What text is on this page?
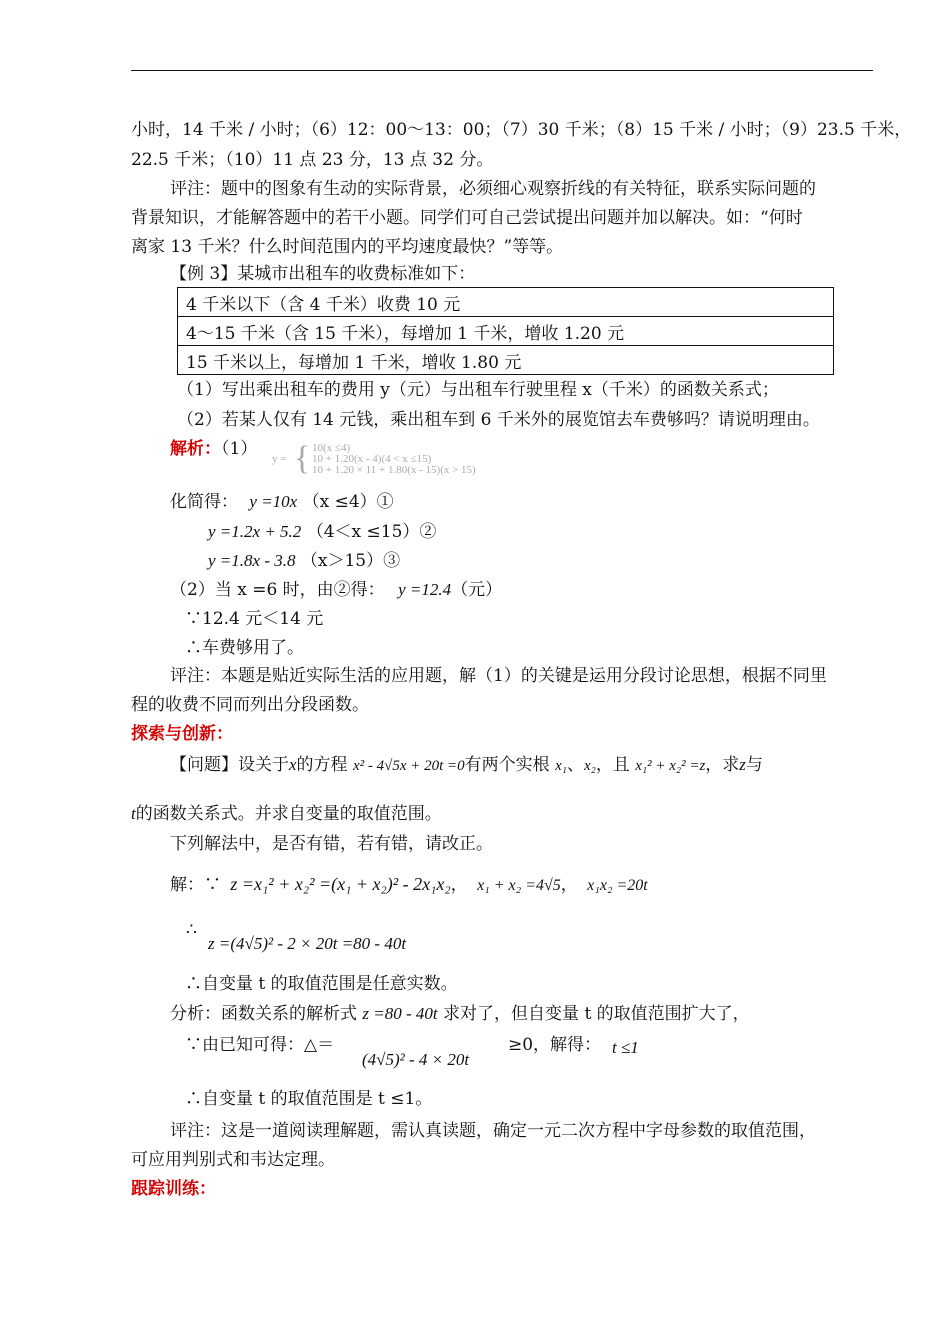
小时，14 千米 / 小时；（6）12：00～13：00；（7）30 千米；（8）15 千米 / 小时；（9）23.5 千米，
22.5 千米；（10）11 点 23 分，13 点 32 分。
评注：题中的图象有生动的实际背景，必须细心观察折线的有关特征，联系实际问题的
背景知识，才能解答题中的若干小题。同学们可自己尝试提出问题并加以解决。如：“何时
离家 13 千米？什么时间范围内的平均速度最快？”等等。
【例 3】某城市出租车的收费标准如下：
4 千米以下（含 4 千米）收费 10 元
4～15 千米（含 15 千米），每增加 1 千米，增收 1.20 元
15 千米以上，每增加 1 千米，增收 1.80 元
（1）写出乘出租车的费用 y（元）与出租车行驶里程 x（千米）的函数关系式；
（2）若某人仅有 14 元钱，乘出租车到 6 千米外的展览馆去车费够吗？请说明理由。
解析：（1） y = { 10(x ≤4)
10 + 1.20(x - 4)(4 < x ≤15)
10 + 1.20 × 11 + 1.80(x - 15)(x > 15)
化简得： y =10x （x ≤4）①
y =1.2x + 5.2 （4＜x ≤15）②
y =1.8x - 3.8 （x＞15）③
（2）当 x =6 时，由②得： y =12.4（元）
∵12.4 元＜14 元
∴车费够用了。
评注：本题是贴近实际生活的应用题，解（1）的关键是运用分段讨论思想，根据不同里
程的收费不同而列出分段函数。
探索与创新：
【问题】设关于x的方程 x² - 4√5x + 20t =0有两个实根 x₁、x₂，且 x₁² + x₂² =z，求z与
t的函数关系式。并求自变量的取值范围。
下列解法中，是否有错，若有错，请改正。
解：∵ z =x₁² + x₂² =(x₁ + x₂)² - 2x₁x₂， x₁ + x₂ =4√5， x₁x₂ =20t
∴
z =(4√5)² - 2 × 20t =80 - 40t
∴自变量 t 的取值范围是任意实数。
分析：函数关系的解析式 z =80 - 40t 求对了，但自变量 t 的取值范围扩大了，
∵由已知可得：△＝
(4√5)² - 4 × 20t
≥0，解得： t ≤1
∴自变量 t 的取值范围是 t ≤1。
评注：这是一道阅读理解题，需认真读题，确定一元二次方程中字母参数的取值范围，
可应用判别式和韦达定理。
跟踪训练：
